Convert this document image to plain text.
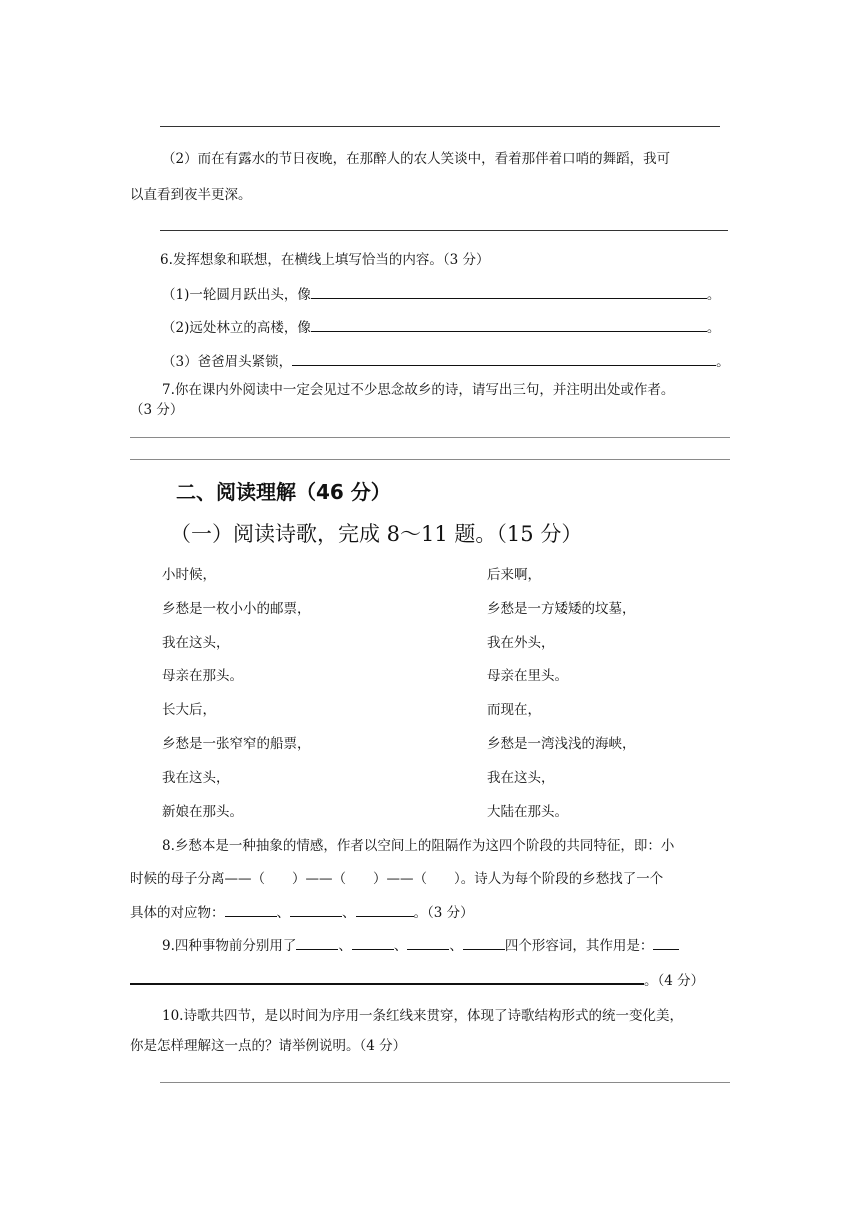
（2）而在有露水的节日夜晚，在那醉人的农人笑谈中，看着那伴着口哨的舞蹈，我可
以直看到夜半更深。
6.发挥想象和联想，在横线上填写恰当的内容。（3 分）
（1)一轮圆月跃出头，像	。
（2)远处林立的高楼，像	。
（3）爸爸眉头紧锁，	。
7.你在课内外阅读中一定会见过不少思念故乡的诗，请写出三句，并注明出处或作者。
（3 分）
二、阅读理解（46 分）
（一）阅读诗歌，完成 8～11 题。（15 分）
小时候，
乡愁是一枚小小的邮票，
我在这头，
母亲在那头。
长大后，
乡愁是一张窄窄的船票，
我在这头，
新娘在那头。
后来啊，
乡愁是一方矮矮的坟墓，
我在外头，
母亲在里头。
而现在，
乡愁是一湾浅浅的海峡，
我在这头，
大陆在那头。
8.乡愁本是一种抽象的情感，作者以空间上的阻隔作为这四个阶段的共同特征，即：小
时候的母子分离——（　　）——（　　）——（　　）。诗人为每个阶段的乡愁找了一个
具体的对应物：	、	、	。（3 分）
9.四种事物前分别用了	、	、	、	四个形容词，其作用是：
。（4 分）
10.诗歌共四节，是以时间为序用一条红线来贯穿，体现了诗歌结构形式的统一变化美，
你是怎样理解这一点的？请举例说明。（4 分）
